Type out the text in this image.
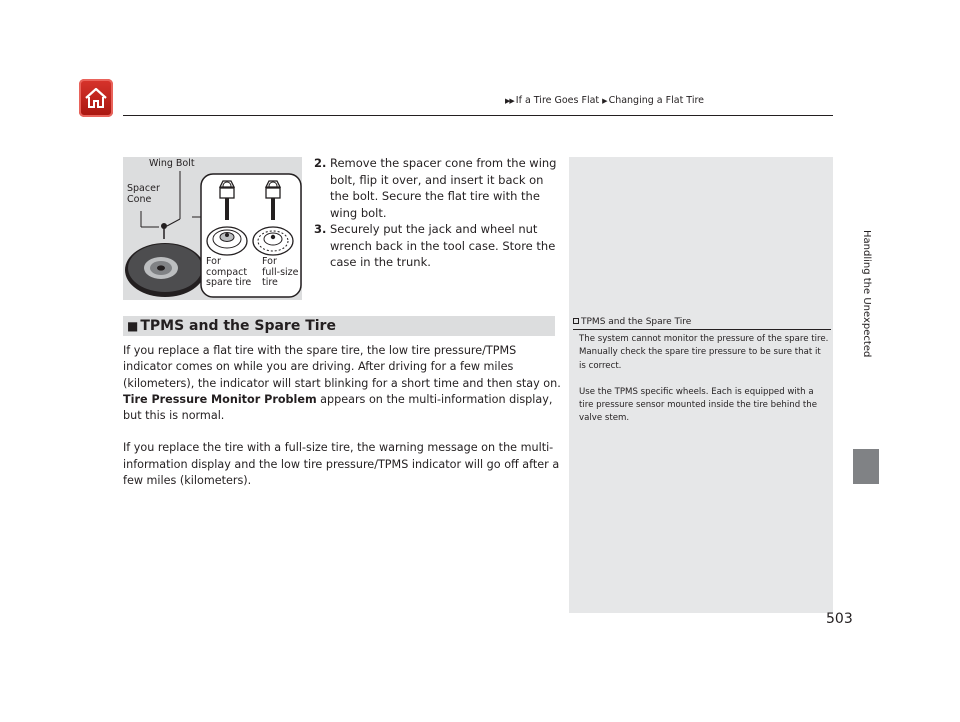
▶▶ If a Tire Goes Flat ▶ Changing a Flat Tire
Handling the Unexpected
Wing Bolt
Spacer
Cone
For
compact
spare tire
For
full-size
tire
2. Remove the spacer cone from the wing bolt, flip it over, and insert it back on the bolt. Secure the flat tire with the wing bolt.
3. Securely put the jack and wheel nut wrench back in the tool case. Store the case in the trunk.
■ TPMS and the Spare Tire

If you replace a flat tire with the spare tire, the low tire pressure/TPMS indicator comes on while you are driving. After driving for a few miles (kilometers), the indicator will start blinking for a short time and then stay on. Tire Pressure Monitor Problem appears on the multi-information display, but this is normal.

If you replace the tire with a full-size tire, the warning message on the multi-information display and the low tire pressure/TPMS indicator will go off after a few miles (kilometers).

TPMS and the Spare Tire

The system cannot monitor the pressure of the spare tire. Manually check the spare tire pressure to be sure that it is correct.

Use the TPMS specific wheels. Each is equipped with a tire pressure sensor mounted inside the tire behind the valve stem.

503
